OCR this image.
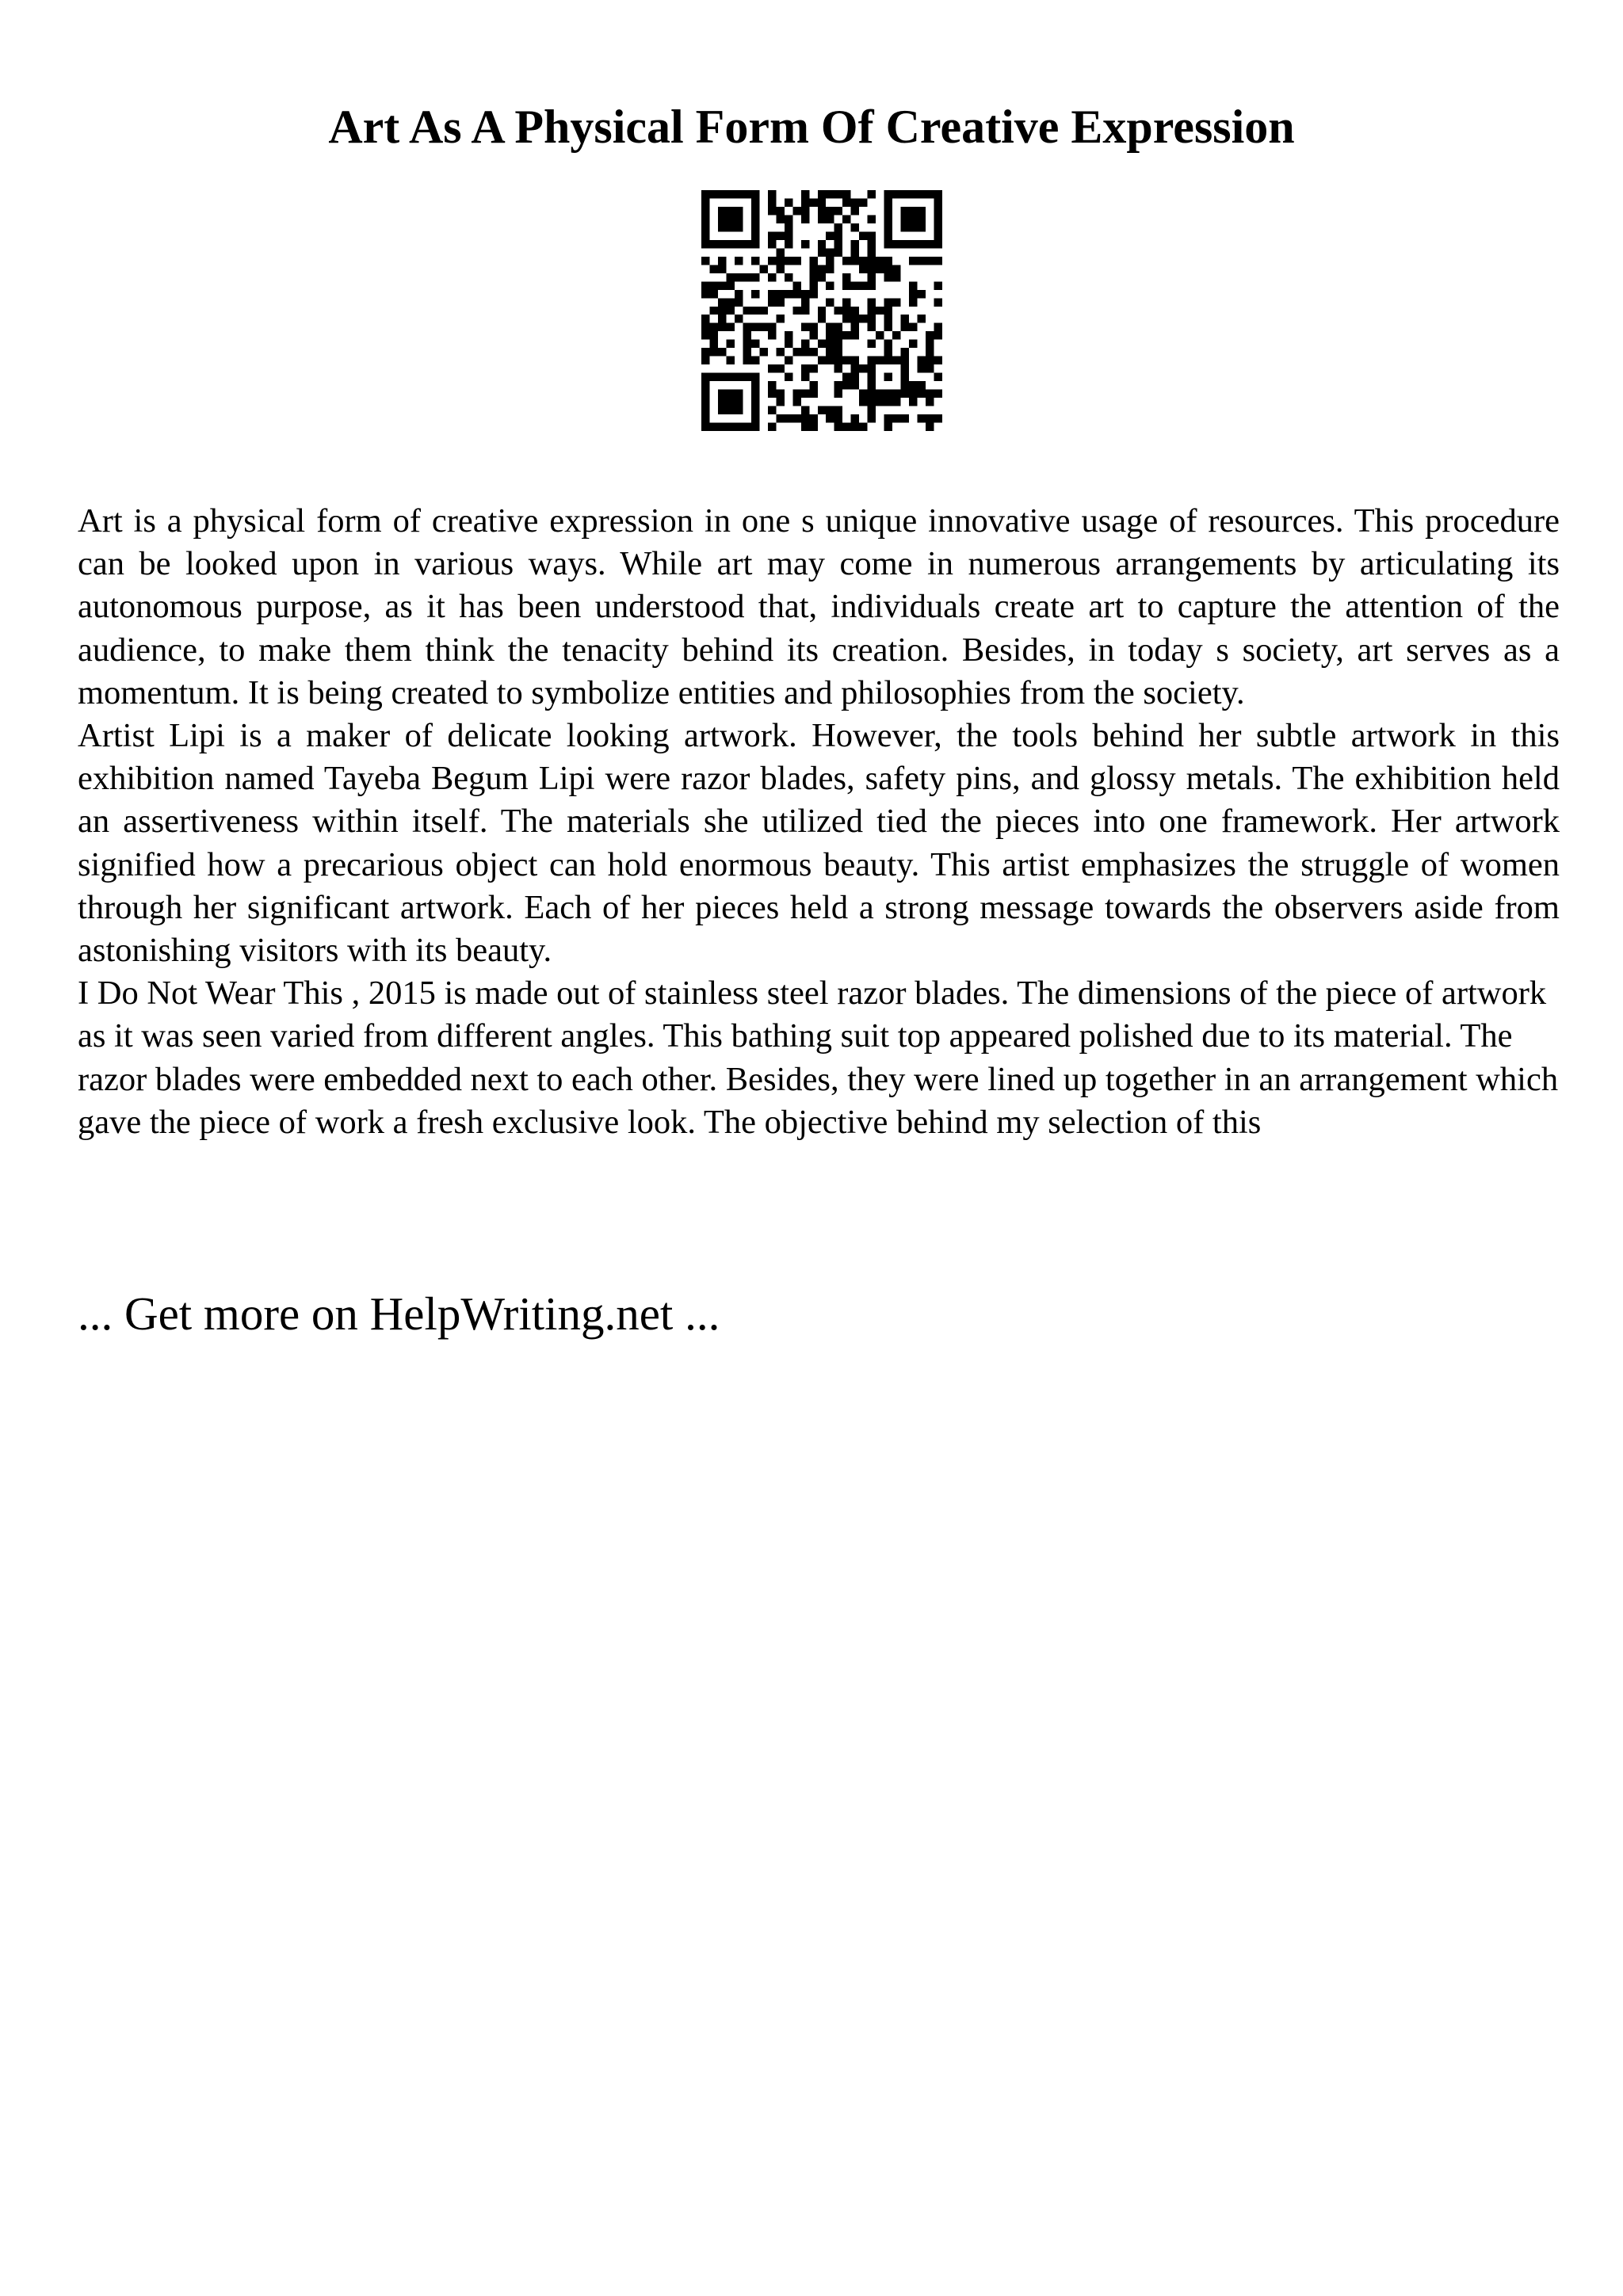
Art As A Physical Form Of Creative Expression

Art is a physical form of creative expression in one s unique innovative usage of resources. This procedure can be looked upon in various ways. While art may come in numerous arrangements by articulating its autonomous purpose, as it has been understood that, individuals create art to capture the attention of the audience, to make them think the tenacity behind its creation. Besides, in today s society, art serves as a momentum. It is being created to symbolize entities and philosophies from the society.

Artist Lipi is a maker of delicate looking artwork. However, the tools behind her subtle artwork in this exhibition named Tayeba Begum Lipi were razor blades, safety pins, and glossy metals. The exhibition held an assertiveness within itself. The materials she utilized tied the pieces into one framework. Her artwork signified how a precarious object can hold enormous beauty. This artist emphasizes the struggle of women through her significant artwork. Each of her pieces held a strong message towards the observers aside from astonishing visitors with its beauty.

I Do Not Wear This , 2015 is made out of stainless steel razor blades. The dimensions of the piece of artwork as it was seen varied from different angles. This bathing suit top appeared polished due to its material. The razor blades were embedded next to each other. Besides, they were lined up together in an arrangement which gave the piece of work a fresh exclusive look. The objective behind my selection of this

... Get more on HelpWriting.net ...
